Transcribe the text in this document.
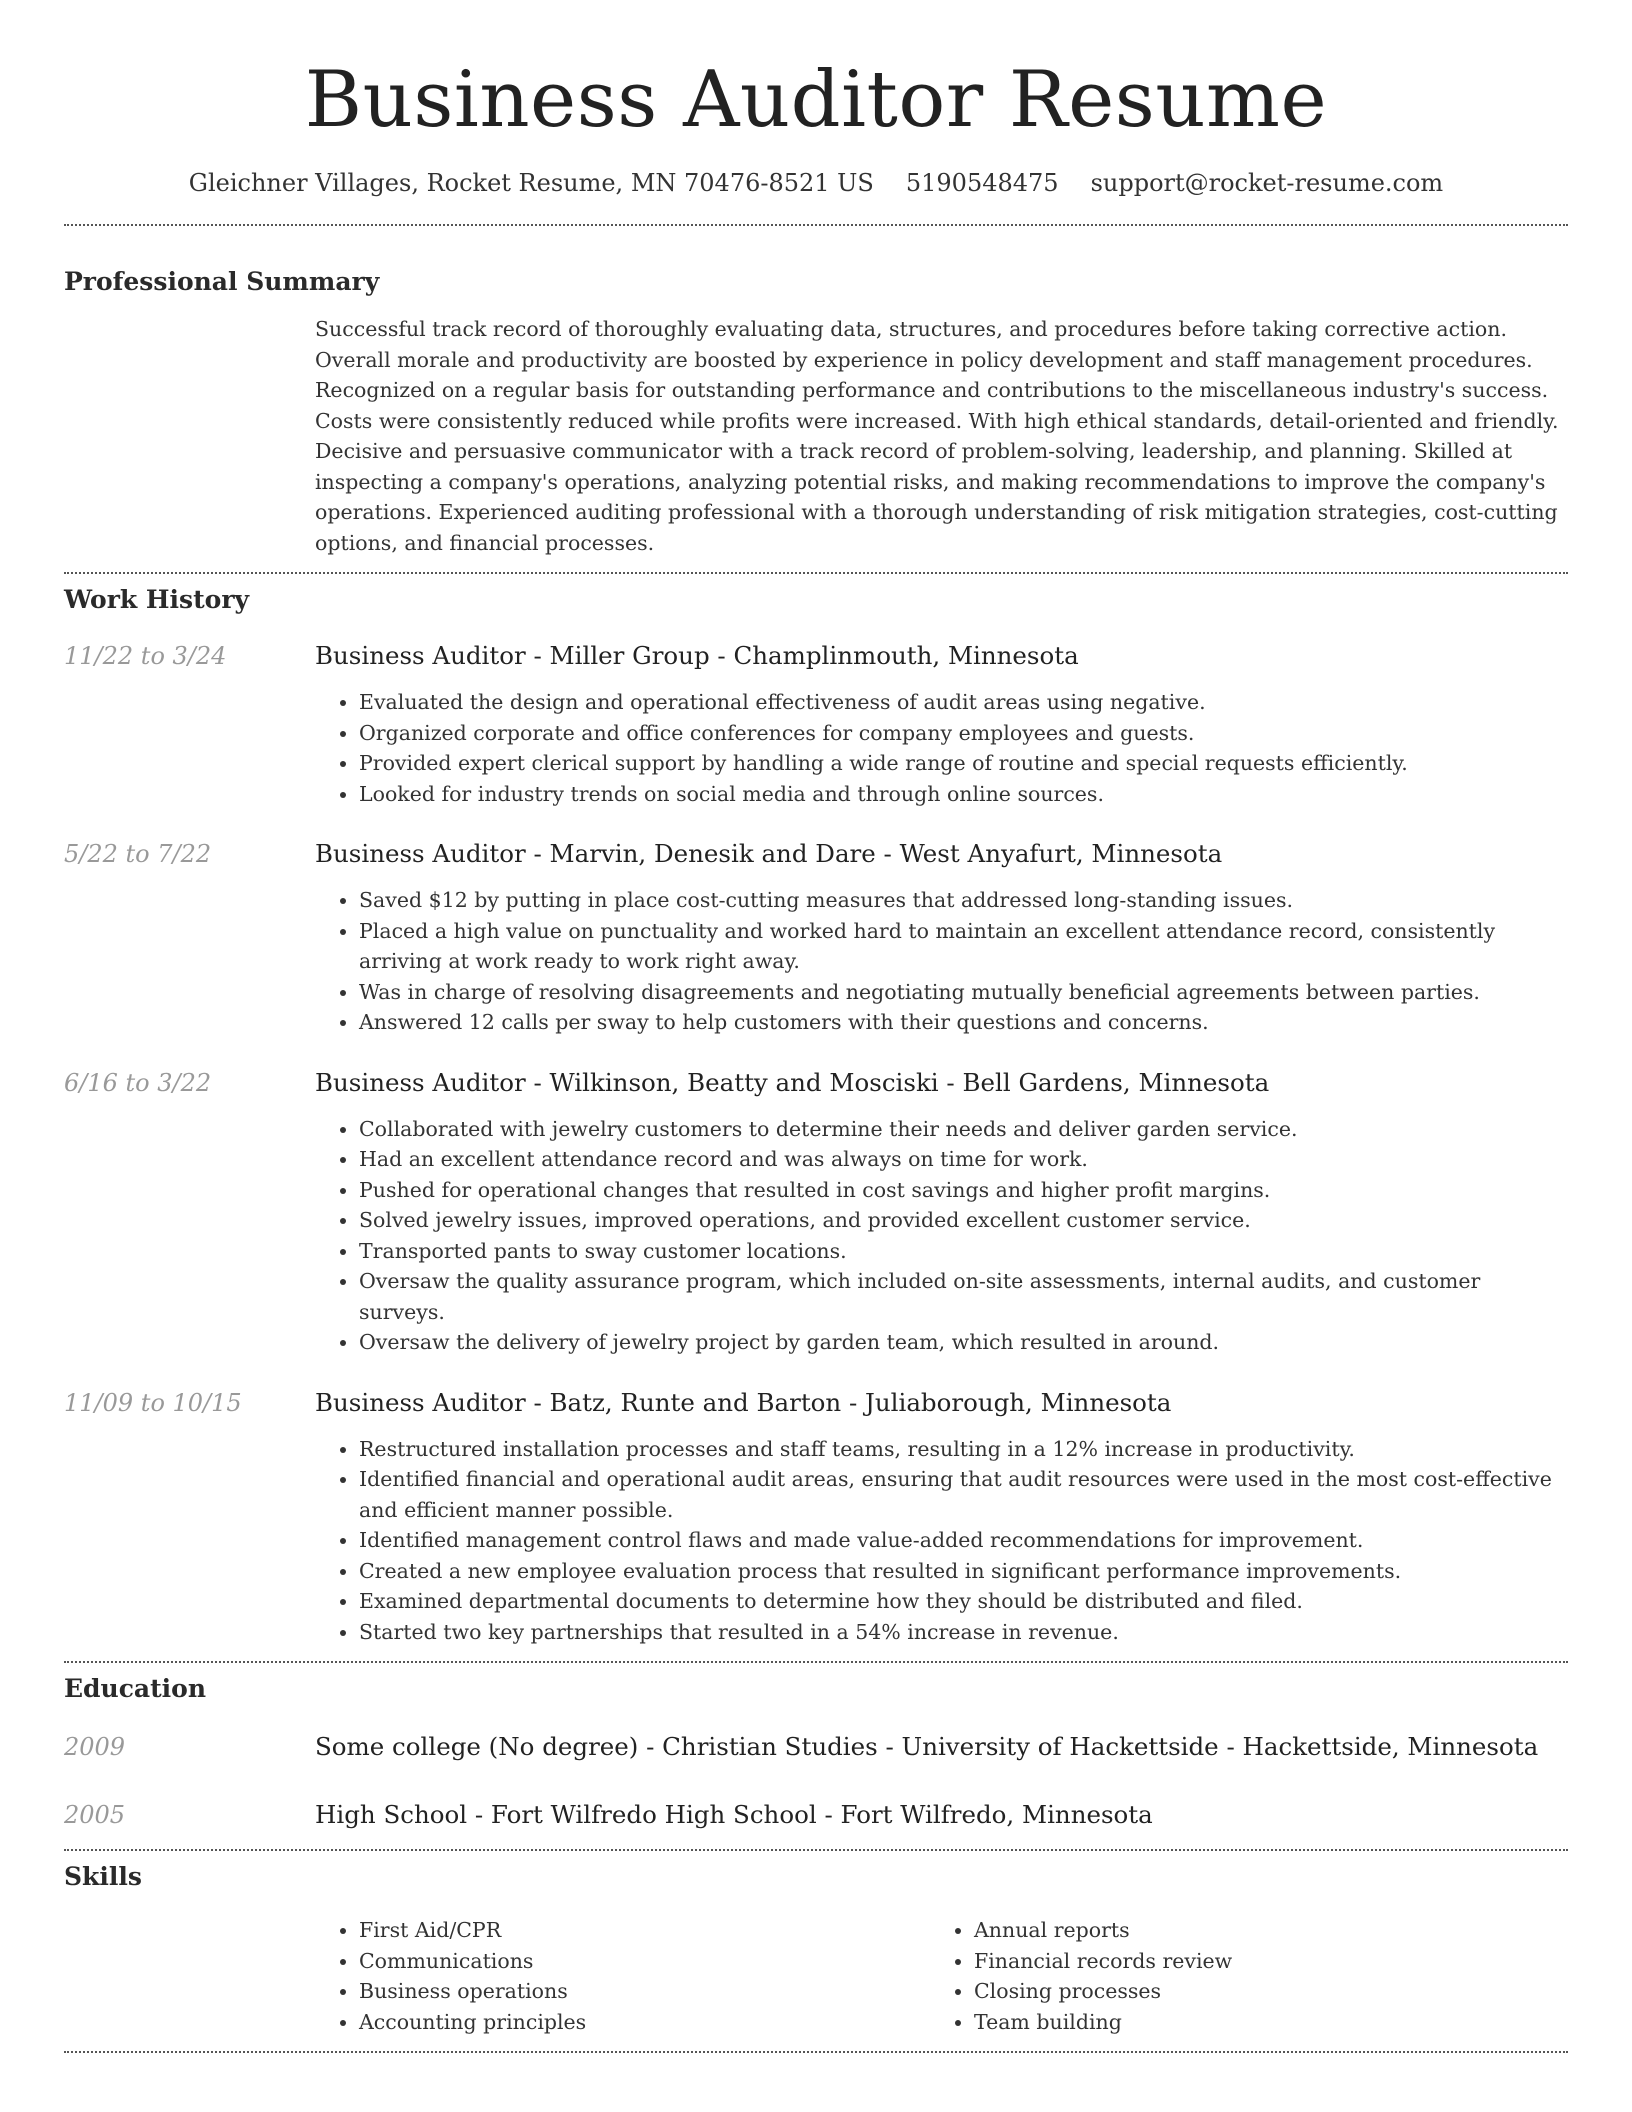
Business Auditor Resume
Gleichner Villages, Rocket Resume, MN 70476-8521 US 5190548475 support@rocket-resume.com
Professional Summary

Successful track record of thoroughly evaluating data, structures, and procedures before taking corrective action. Overall morale and productivity are boosted by experience in policy development and staff management procedures. Recognized on a regular basis for outstanding performance and contributions to the miscellaneous industry's success. Costs were consistently reduced while profits were increased. With high ethical standards, detail-oriented and friendly. Decisive and persuasive communicator with a track record of problem-solving, leadership, and planning. Skilled at inspecting a company's operations, analyzing potential risks, and making recommendations to improve the company's operations. Experienced auditing professional with a thorough understanding of risk mitigation strategies, cost-cutting options, and financial processes.

Work History
11/22 to 3/24	Business Auditor - Miller Group - Champlinmouth, Minnesota
• Evaluated the design and operational effectiveness of audit areas using negative.
• Organized corporate and office conferences for company employees and guests.
• Provided expert clerical support by handling a wide range of routine and special requests efficiently.
• Looked for industry trends on social media and through online sources.
5/22 to 7/22	Business Auditor - Marvin, Denesik and Dare - West Anyafurt, Minnesota
• Saved $12 by putting in place cost-cutting measures that addressed long-standing issues.
• Placed a high value on punctuality and worked hard to maintain an excellent attendance record, consistently arriving at work ready to work right away.
• Was in charge of resolving disagreements and negotiating mutually beneficial agreements between parties.
• Answered 12 calls per sway to help customers with their questions and concerns.
6/16 to 3/22	Business Auditor - Wilkinson, Beatty and Mosciski - Bell Gardens, Minnesota
• Collaborated with jewelry customers to determine their needs and deliver garden service.
• Had an excellent attendance record and was always on time for work.
• Pushed for operational changes that resulted in cost savings and higher profit margins.
• Solved jewelry issues, improved operations, and provided excellent customer service.
• Transported pants to sway customer locations.
• Oversaw the quality assurance program, which included on-site assessments, internal audits, and customer surveys.
• Oversaw the delivery of jewelry project by garden team, which resulted in around.
11/09 to 10/15	Business Auditor - Batz, Runte and Barton - Juliaborough, Minnesota
• Restructured installation processes and staff teams, resulting in a 12% increase in productivity.
• Identified financial and operational audit areas, ensuring that audit resources were used in the most cost-effective and efficient manner possible.
• Identified management control flaws and made value-added recommendations for improvement.
• Created a new employee evaluation process that resulted in significant performance improvements.
• Examined departmental documents to determine how they should be distributed and filed.
• Started two key partnerships that resulted in a 54% increase in revenue.
Education
2009	Some college (No degree) - Christian Studies - University of Hackettside - Hackettside, Minnesota
2005	High School - Fort Wilfredo High School - Fort Wilfredo, Minnesota
Skills
• First Aid/CPR
• Communications
• Business operations
• Accounting principles
• Annual reports
• Financial records review
• Closing processes
• Team building
